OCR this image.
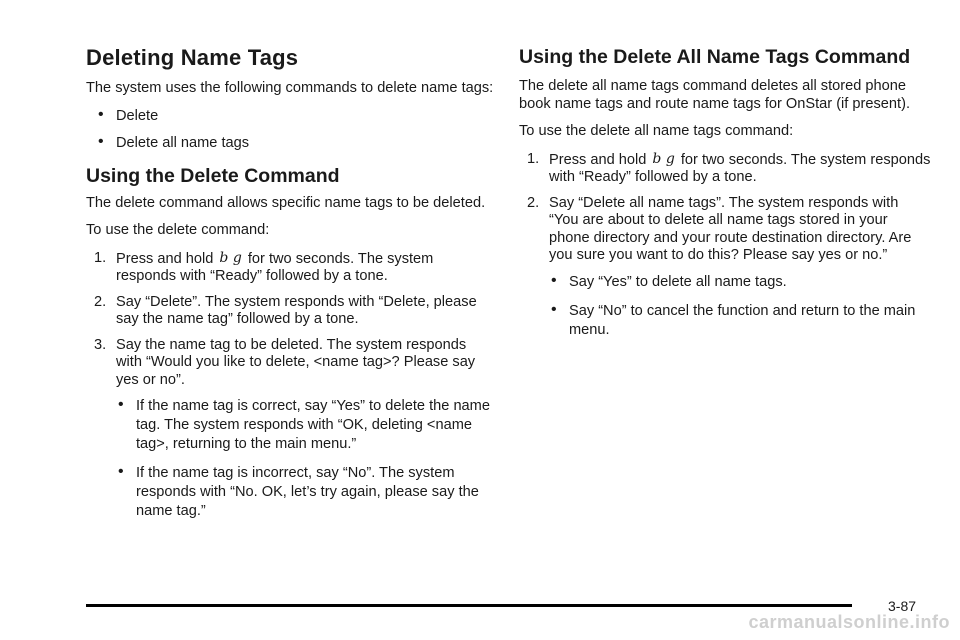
Deleting Name Tags

The system uses the following commands to delete name tags:

• Delete
• Delete all name tags
Using the Delete Command

The delete command allows specific name tags to be deleted.

To use the delete command:

1. Press and hold b g for two seconds. The system responds with “Ready” followed by a tone.
2. Say “Delete”. The system responds with “Delete, please say the name tag” followed by a tone.
3. Say the name tag to be deleted. The system responds with “Would you like to delete, <name tag>? Please say yes or no”.
• If the name tag is correct, say “Yes” to delete the name tag. The system responds with “OK, deleting <name tag>, returning to the main menu.”
• If the name tag is incorrect, say “No”. The system responds with “No. OK, let’s try again, please say the name tag.”
Using the Delete All Name Tags Command

The delete all name tags command deletes all stored phone book name tags and route name tags for OnStar (if present).

To use the delete all name tags command:

1. Press and hold b g for two seconds. The system responds with “Ready” followed by a tone.
2. Say “Delete all name tags”. The system responds with “You are about to delete all name tags stored in your phone directory and your route destination directory. Are you sure you want to do this? Please say yes or no.”
• Say “Yes” to delete all name tags.
• Say “No” to cancel the function and return to the main menu.
3-87
carmanualsonline.info
